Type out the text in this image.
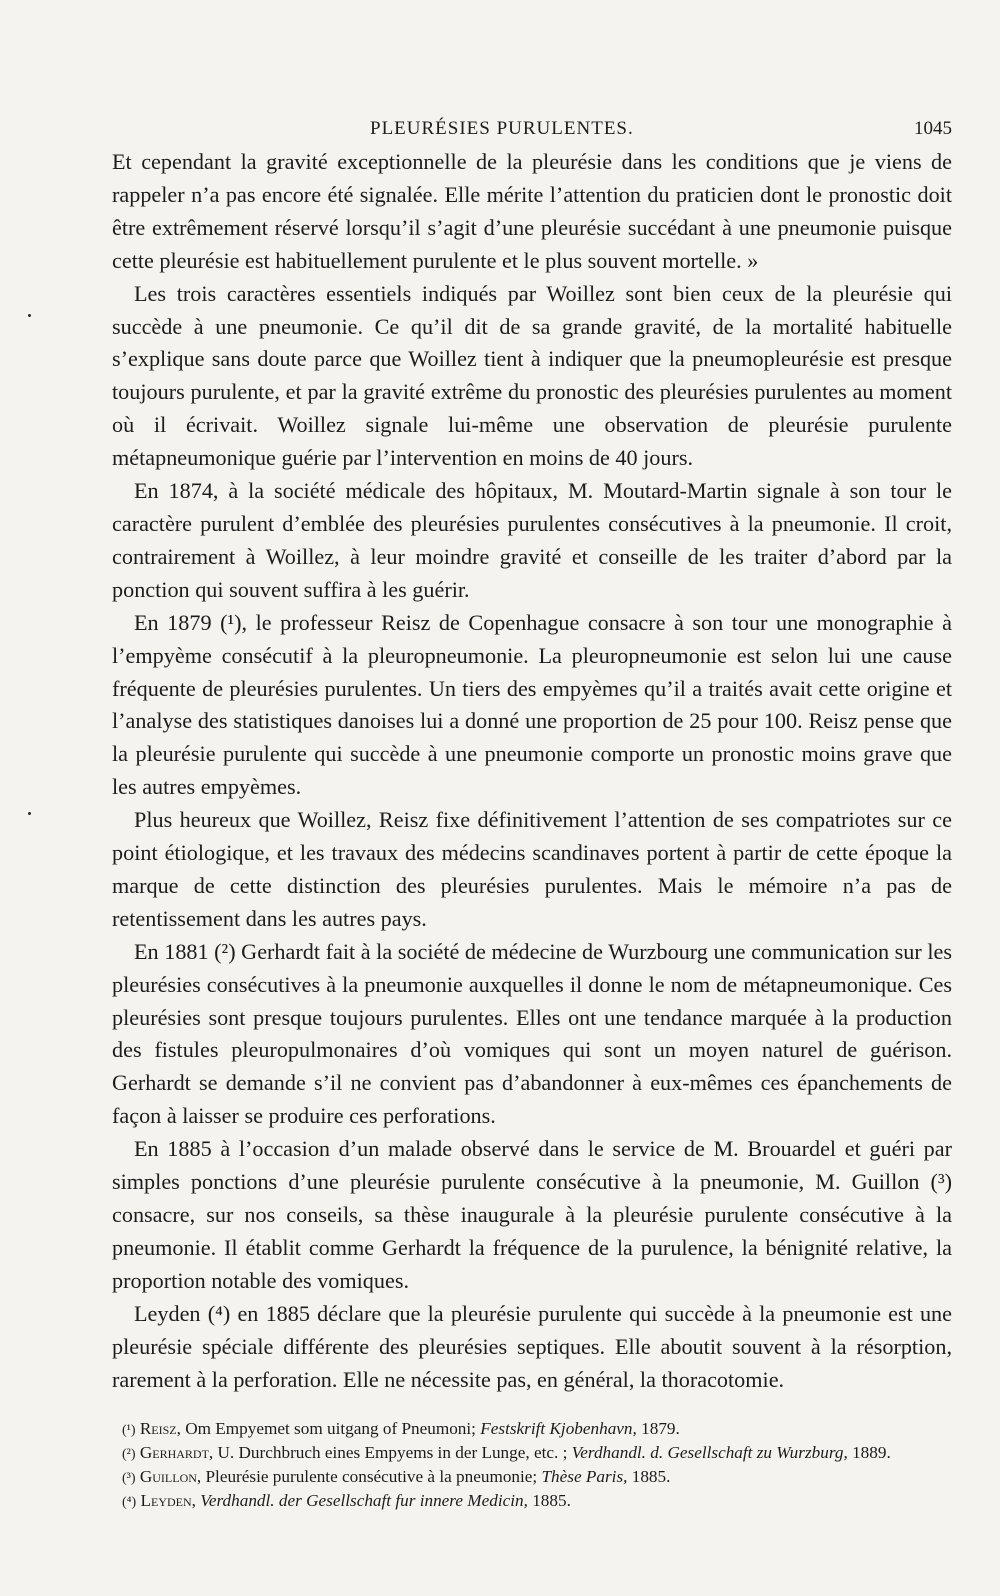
PLEURÉSIES PURULENTES.	1045

Et cependant la gravité exceptionnelle de la pleurésie dans les conditions que je viens de rappeler n’a pas encore été signalée. Elle mérite l’attention du praticien dont le pronostic doit être extrêmement réservé lorsqu’il s’agit d’une pleurésie succédant à une pneumonie puisque cette pleurésie est habituellement purulente et le plus souvent mortelle. »

Les trois caractères essentiels indiqués par Woillez sont bien ceux de la pleurésie qui succède à une pneumonie. Ce qu’il dit de sa grande gravité, de la mortalité habituelle s’explique sans doute parce que Woillez tient à indiquer que la pneumopleurésie est presque toujours purulente, et par la gravité extrême du pronostic des pleurésies purulentes au moment où il écrivait. Woillez signale lui-même une observation de pleurésie purulente métapneumonique guérie par l’intervention en moins de 40 jours.

En 1874, à la société médicale des hôpitaux, M. Moutard-Martin signale à son tour le caractère purulent d’emblée des pleurésies purulentes consécutives à la pneumonie. Il croit, contrairement à Woillez, à leur moindre gravité et conseille de les traiter d’abord par la ponction qui souvent suffira à les guérir.

En 1879 (¹), le professeur Reisz de Copenhague consacre à son tour une monographie à l’empyème consécutif à la pleuropneumonie. La pleuropneumonie est selon lui une cause fréquente de pleurésies purulentes. Un tiers des empyèmes qu’il a traités avait cette origine et l’analyse des statistiques danoises lui a donné une proportion de 25 pour 100. Reisz pense que la pleurésie purulente qui succède à une pneumonie comporte un pronostic moins grave que les autres empyèmes.

Plus heureux que Woillez, Reisz fixe définitivement l’attention de ses compatriotes sur ce point étiologique, et les travaux des médecins scandinaves portent à partir de cette époque la marque de cette distinction des pleurésies purulentes. Mais le mémoire n’a pas de retentissement dans les autres pays.

En 1881 (²) Gerhardt fait à la société de médecine de Wurzbourg une communication sur les pleurésies consécutives à la pneumonie auxquelles il donne le nom de métapneumonique. Ces pleurésies sont presque toujours purulentes. Elles ont une tendance marquée à la production des fistules pleuropulmonaires d’où vomiques qui sont un moyen naturel de guérison. Gerhardt se demande s’il ne convient pas d’abandonner à eux-mêmes ces épanchements de façon à laisser se produire ces perforations.

En 1885 à l’occasion d’un malade observé dans le service de M. Brouardel et guéri par simples ponctions d’une pleurésie purulente consécutive à la pneumonie, M. Guillon (³) consacre, sur nos conseils, sa thèse inaugurale à la pleurésie purulente consécutive à la pneumonie. Il établit comme Gerhardt la fréquence de la purulence, la bénignité relative, la proportion notable des vomiques.

Leyden (⁴) en 1885 déclare que la pleurésie purulente qui succède à la pneumonie est une pleurésie spéciale différente des pleurésies septiques. Elle aboutit souvent à la résorption, rarement à la perforation. Elle ne nécessite pas, en général, la thoracotomie.

(¹) Reisz, Om Empyemet som uitgang of Pneumoni; Festskrift Kjobenhavn, 1879.

(²) Gerhardt, U. Durchbruch eines Empyems in der Lunge, etc. ; Verdhandl. d. Gesellschaft zu Wurzburg, 1889.

(³) Guillon, Pleurésie purulente consécutive à la pneumonie; Thèse Paris, 1885.

(⁴) Leyden, Verdhandl. der Gesellschaft fur innere Medicin, 1885.
